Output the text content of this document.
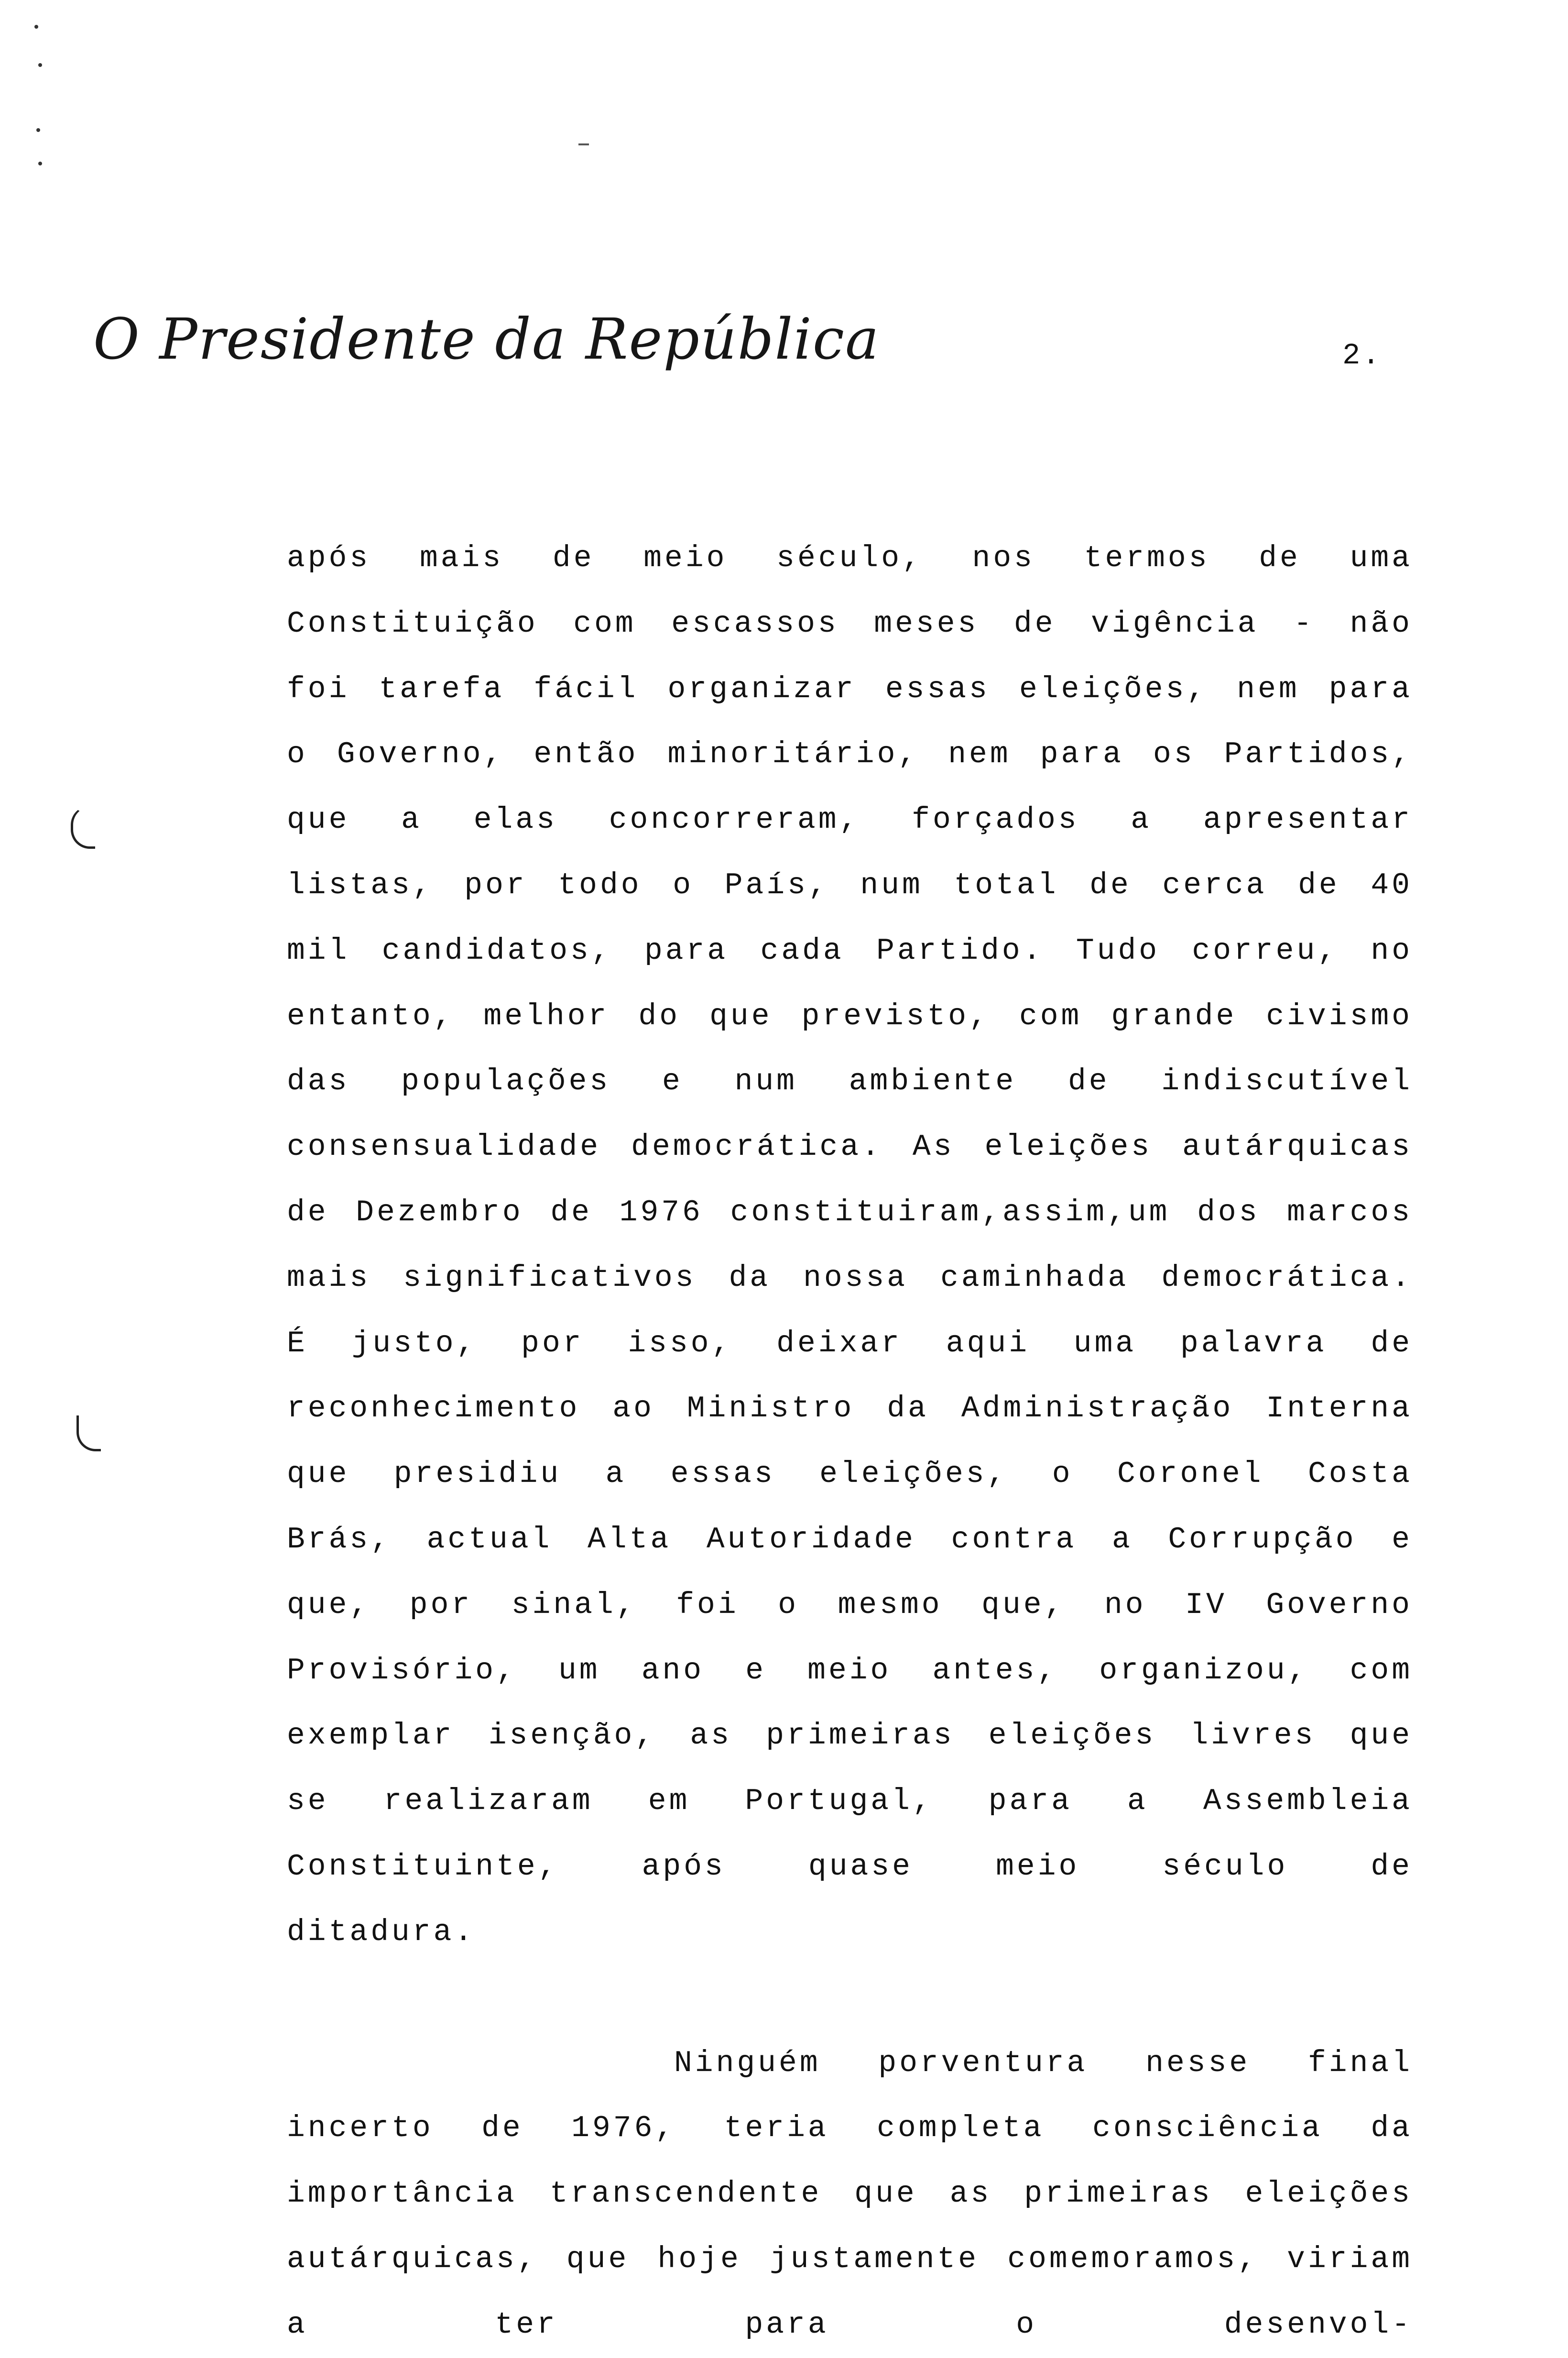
O Presidente da República	2.

após mais de meio século, nos termos de uma Constituição com escassos meses de vigência - não foi tarefa fácil organizar essas eleições, nem para o Governo, então minoritário, nem para os Partidos, que a elas concorreram, forçados a apresentar listas, por todo o País, num total de cerca de 40 mil candidatos, para cada Partido. Tudo correu, no entanto, melhor do que previsto, com grande civismo das populações e num ambiente de indiscutível consensualidade democrática. As eleições autárquicas de Dezembro de 1976 constituiram,assim,um dos marcos mais significativos da nossa caminhada democrática. É justo, por isso, deixar aqui uma palavra de reconhecimento ao Ministro da Administração Interna que presidiu a essas eleições, o Coronel Costa Brás, actual Alta Autoridade contra a Corrupção e que, por sinal, foi o mesmo que, no IV Governo Provisório, um ano e meio antes, organizou, com exemplar isenção, as primeiras eleições livres que se realizaram em Portugal, para a Assembleia Constituinte, após quase meio século de
ditadura.

Ninguém porventura nesse final incerto de 1976, teria completa consciência da importância transcendente que as primeiras eleições autárquicas, que hoje justamente comemoramos, viriam a ter para o desenvol-
